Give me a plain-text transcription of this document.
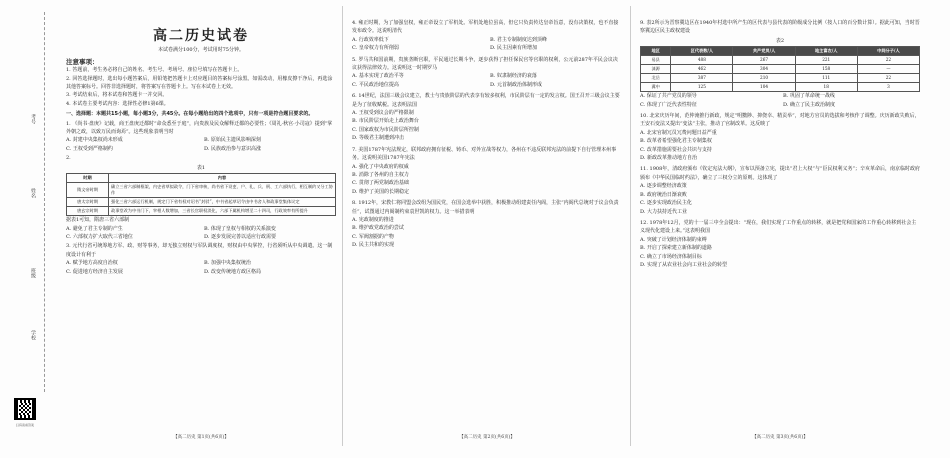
考号
姓名
班级
学校
扫码查看答案
高二历史试卷

本试卷满分100分，考试用时75分钟。

注意事项：

1. 答题前，考生务必将自己的姓名、考生号、考场号、座位号填写在答题卡上。

2. 回答选择题时，选出每小题答案后，用铅笔把答题卡上对应题目的答案标号涂黑。如需改动，用橡皮擦干净后，再选涂其他答案标号。回答非选择题时，将答案写在答题卡上。写在本试卷上无效。

3. 考试结束后，将本试卷和答题卡一并交回。

4. 本试卷主要考试内容：选择性必修1第6课。

一、选择题：本题共15小题，每小题3分，共45分。在每小题给出的四个选项中，只有一项是符合题目要求的。

1. 《尚书·盘庚》记载，商王盘庚迁都时“命众悉至于庭”，向贵族及民众解释迁都的必要性；《周礼·秋官·小司寇》提到“掌外朝之政，以致万民而询焉”。这些现象表明当时

A. 封建中央集权尚未形成	B. 原始民主遗风影响深刻
C. 王权受到严格制约	D. 民族政治参与意识高涨

2.

表1

时期	内容
隋文帝时期	确立三省六部制框架，内史省草拟政令，门下省审核，尚书省下设吏、户、礼、兵、刑、工六部执行，相互制约又分工协作
唐太宗时期	强化三省六部运行机制，规定门下省有权对诏书“封驳”，中书省起草诏令由中书舍人和政事堂集体议定
唐玄宗时期	政事堂改为中书门下，宰相人数增加，三省长官职权淡化，六部下属机构增至二十四司，行政效率有所提升

据表1可知，隋唐三省六部制

A. 避免了君主专制的产生	B. 体现了皇权与相权的关系演变
C. 六部权力扩大取代三省地位	D. 逐步发展完善以适应行政需要

3. 元代行省可统筹地方军、政、财等事务，却无独立财权与军队调度权，财权由中央掌控，行省须听从中央调遣。这一制度设计有利于

A. 赋予地方高度自治权	B. 加强中央集权统治
C. 促进地方经济自主发展	D. 改变传统地方政区格局
【高二历史 第1页(共6页)】

4. 雍正时期，为了加强皇权，雍正帝设立了军机处。军机处地位虽高，但它只负责传达皇帝旨意，没有决策权，也不直接发布政令。这说明清代

A. 行政效率低下	B. 君主专制制度达到顶峰
C. 皇帝权力有所削弱	D. 民主因素有所增加

5. 罗马共和国前期，贵族垄断官职，平民通过长期斗争，逐步获得了担任保民官等官职的权利，公元前287年平民会议决议获得法律效力。这说明这一时期罗马

A. 基本实现了政治平等	B. 奴隶制经济的衰落
C. 平民政治地位提高	D. 元首制政治体制形成

6. 14世纪，法国三级会议建立，教士与贵族阶层的代表享有较多权利，市民阶层有一定的发言权。国王召开三级会议主要是为了征收赋税。这表明法国

A. 王权受到议会的严格限制

B. 市民阶层开始走上政治舞台

C. 国家政权为市民阶层所控制

D. 等级君主制遭到冲击

7. 美国1787年宪法规定，联邦政府拥有征税、铸币、对外宣战等权力，各州在不违反联邦宪法的前提下自行管理本州事务。这说明美国1787年宪法

A. 强化了中央政府的权威

B. 消除了各州的自主权力

C. 贯彻了两党制政治基础

D. 维护了美国的长期稳定

8. 1912年，宋教仁将同盟会改组为国民党，在国会选举中获胜，积极推动组建责任内阁，主张“内阁代总统对于议会负责任”，试图通过内阁制约束袁世凯的权力。这一举措表明

A. 宪政制度的推进

B. 维护政党政治的尝试

C. 军阀割据的产物

D. 民主共和的实现

【高二历史 第2页(共6页)】

9. 表2所示为晋察冀边区在1940年村选中所产生的区代表与县代表的阶级成分比例（按人口的百分数计算）。据此可知，当时晋察冀边区民主政权建设

表2

地区	区代表数/人	共产党员/人	地主富农/人	中间分子/人
易县	488	267	221	22
涞源	462	304	158	—
北岳	387	210	111	22
冀中	125	104	18	3
A. 保证了共产党员的领导	B. 巩固了革命统一战线
C. 体现了广泛代表性特征	D. 确立了民主政治制度

10. 北宋庆历年间，范仲淹推行新政，规定“明黜陟、抑侥幸、精贡举”，对地方官员的选拔和考核作了调整。庆历新政失败后，王安石变法又提出“变法”主张，推动了官制改革。这反映了

A. 北宋官制冗员冗费问题日益严重

B. 改革者希望强化君主专制集权

C. 改革措施需要社会共识与支持

D. 新政改革推动地方自治

11. 1908年，清政府颁布《钦定宪法大纲》，宣布以预备立宪，提出“君上大权”与“臣民权利义务”；辛亥革命后，南京临时政府颁布《中华民国临时约法》，确立了三权分立的原则。这体现了

A. 逐步调整经济政策

B. 政府统治日渐衰败

C. 逐步实现政治民主化

D. 大力扶持近代工业

12. 1978年12月，党的十一届三中全会提出：“现在，我们实现了工作重点的转移，就是把党和国家的工作重心转移到社会主义现代化建设上来。”这表明我国

A. 突破了计划经济体制的束缚

B. 开启了探索建立新体制的道路

C. 确立了市场经济体制目标

D. 实现了从农业社会向工业社会的转型

【高二历史 第3页(共6页)】
